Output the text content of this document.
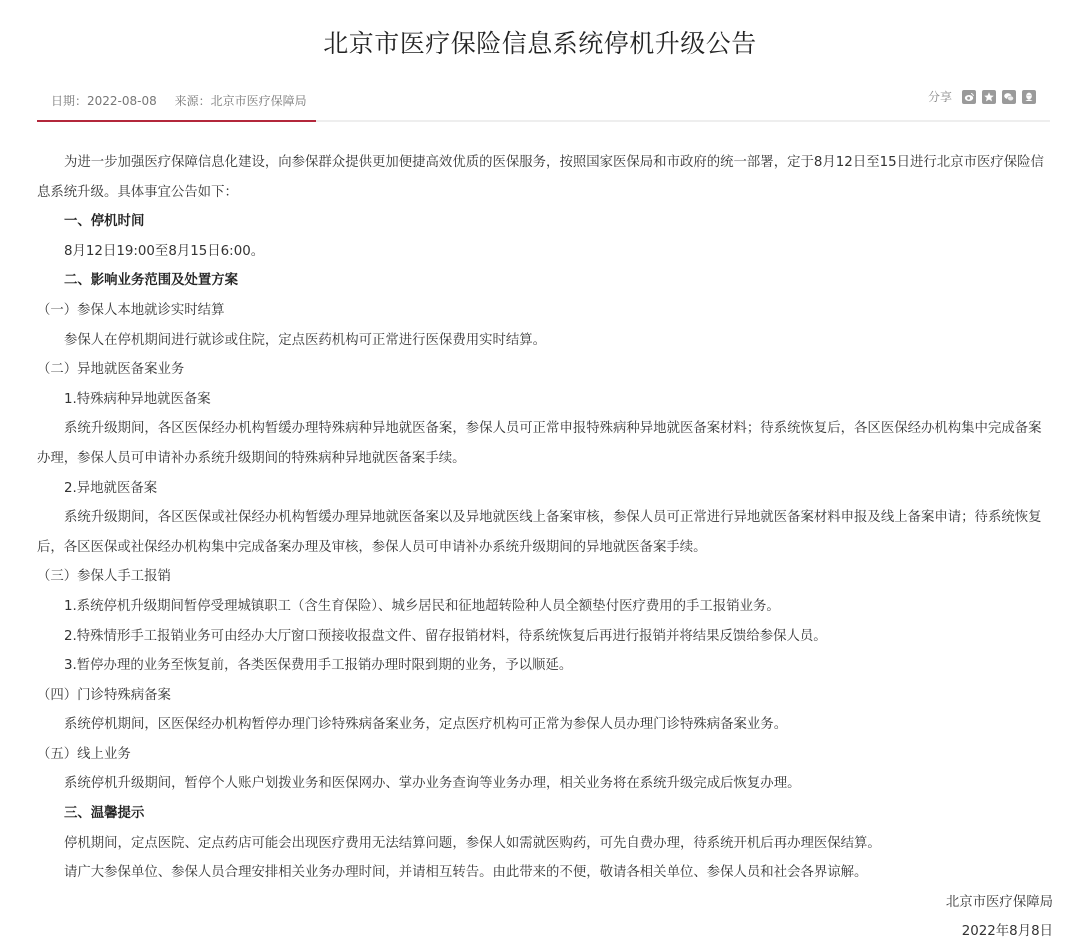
北京市医疗保险信息系统停机升级公告
日期：2022-08-08 来源：北京市医疗保障局	分享

为进一步加强医疗保障信息化建设，向参保群众提供更加便捷高效优质的医保服务，按照国家医保局和市政府的统一部署，定于8月12日至15日进行北京市医疗保险信息系统升级。具体事宜公告如下：

一、停机时间

8月12日19:00至8月15日6:00。

二、影响业务范围及处置方案

（一）参保人本地就诊实时结算

参保人在停机期间进行就诊或住院，定点医药机构可正常进行医保费用实时结算。

（二）异地就医备案业务

1.特殊病种异地就医备案

系统升级期间，各区医保经办机构暂缓办理特殊病种异地就医备案，参保人员可正常申报特殊病种异地就医备案材料；待系统恢复后，各区医保经办机构集中完成备案办理，参保人员可申请补办系统升级期间的特殊病种异地就医备案手续。

2.异地就医备案

系统升级期间，各区医保或社保经办机构暂缓办理异地就医备案以及异地就医线上备案审核，参保人员可正常进行异地就医备案材料申报及线上备案申请；待系统恢复后，各区医保或社保经办机构集中完成备案办理及审核，参保人员可申请补办系统升级期间的异地就医备案手续。

（三）参保人手工报销

1.系统停机升级期间暂停受理城镇职工（含生育保险）、城乡居民和征地超转险种人员全额垫付医疗费用的手工报销业务。

2.特殊情形手工报销业务可由经办大厅窗口预接收报盘文件、留存报销材料，待系统恢复后再进行报销并将结果反馈给参保人员。

3.暂停办理的业务至恢复前，各类医保费用手工报销办理时限到期的业务，予以顺延。

（四）门诊特殊病备案

系统停机期间，区医保经办机构暂停办理门诊特殊病备案业务，定点医疗机构可正常为参保人员办理门诊特殊病备案业务。

（五）线上业务

系统停机升级期间，暂停个人账户划拨业务和医保网办、掌办业务查询等业务办理，相关业务将在系统升级完成后恢复办理。

三、温馨提示

停机期间，定点医院、定点药店可能会出现医疗费用无法结算问题，参保人如需就医购药，可先自费办理，待系统开机后再办理医保结算。

请广大参保单位、参保人员合理安排相关业务办理时间，并请相互转告。由此带来的不便，敬请各相关单位、参保人员和社会各界谅解。

北京市医疗保障局

2022年8月8日
